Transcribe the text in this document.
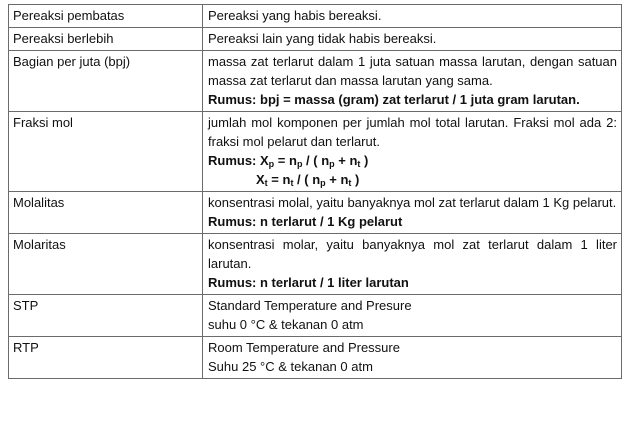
Pereaksi pembatas	Pereaksi yang habis bereaksi.

Pereaksi berlebih	Pereaksi lain yang tidak habis bereaksi.

Bagian per juta (bpj)	massa zat terlarut dalam 1 juta satuan massa larutan, dengan satuan massa zat terlarut dan massa larutan yang sama.
Rumus: bpj = massa (gram) zat terlarut / 1 juta gram larutan.

Fraksi mol	jumlah mol komponen per jumlah mol total larutan. Fraksi mol ada 2: fraksi mol pelarut dan terlarut.
Rumus: $X_p = n_p$ / ( $n_p + n_t$ )
$X_t = n_t$ / ( $n_p + n_t$ )

Molalitas	konsentrasi molal, yaitu banyaknya mol zat terlarut dalam 1 Kg pelarut.
Rumus: n terlarut / 1 Kg pelarut

Molaritas	konsentrasi molar, yaitu banyaknya mol zat terlarut dalam 1 liter larutan.
Rumus: n terlarut / 1 liter larutan

STP	Standard Temperature and Presure
suhu 0 °C & tekanan 0 atm

RTP	Room Temperature and Pressure
Suhu 25 °C & tekanan 0 atm
